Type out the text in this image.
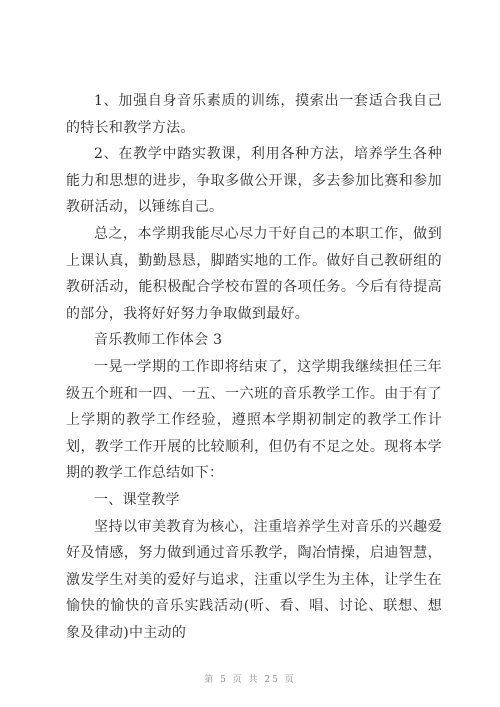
1、加强自身音乐素质的训练，摸索出一套适合我自己的特长和教学方法。

2、在教学中踏实教课，利用各种方法，培养学生各种能力和思想的进步，争取多做公开课，多去参加比赛和参加教研活动，以锤练自己。

总之，本学期我能尽心尽力干好自己的本职工作，做到上课认真，勤勤恳恳，脚踏实地的工作。做好自己教研组的教研活动，能积极配合学校布置的各项任务。今后有待提高的部分，我将好好努力争取做到最好。

音乐教师工作体会 3

一晃一学期的工作即将结束了，这学期我继续担任三年级五个班和一四、一五、一六班的音乐教学工作。由于有了上学期的教学工作经验，遵照本学期初制定的教学工作计划，教学工作开展的比较顺利，但仍有不足之处。现将本学期的教学工作总结如下：

一、课堂教学

坚持以审美教育为核心，注重培养学生对音乐的兴趣爱好及情感，努力做到通过音乐教学，陶冶情操，启迪智慧，激发学生对美的爱好与追求，注重以学生为主体，让学生在愉快的愉快的音乐实践活动(听、看、唱、讨论、联想、想象及律动)中主动的

第 5 页 共 25 页
